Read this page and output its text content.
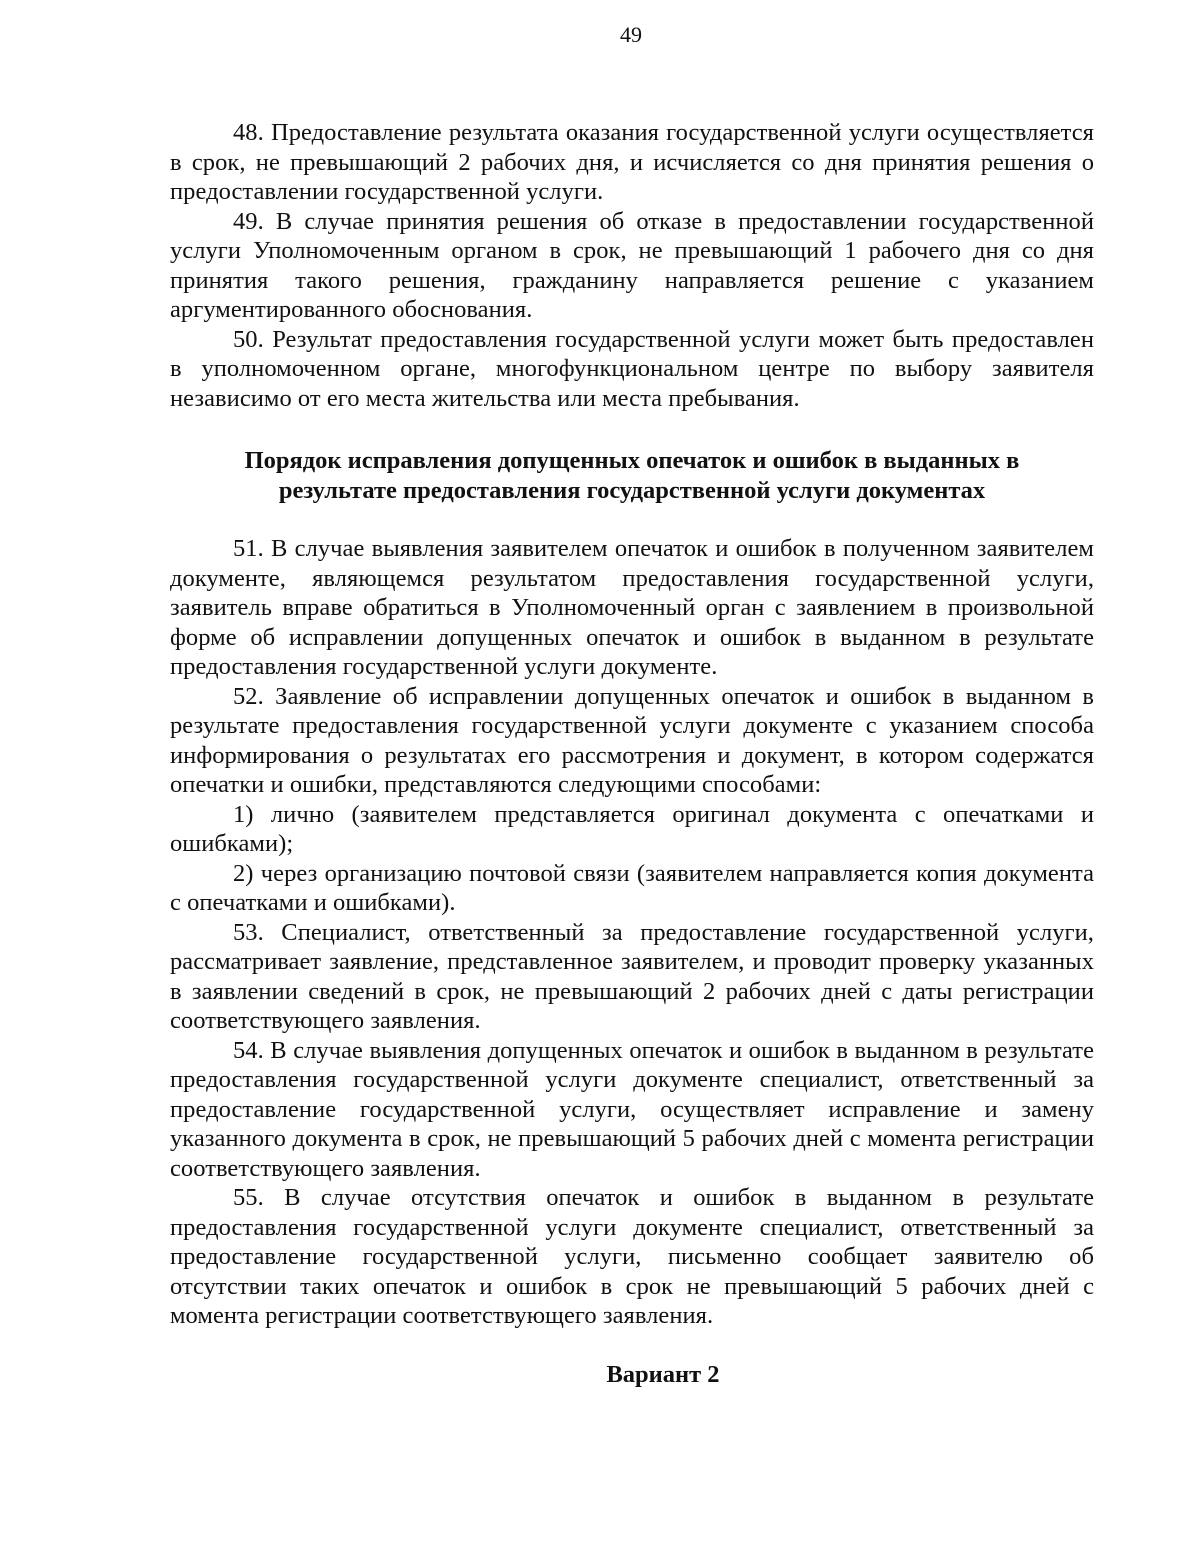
49

48. Предоставление результата оказания государственной услуги осуществляется в срок, не превышающий 2 рабочих дня, и исчисляется со дня принятия решения о предоставлении государственной услуги.

49. В случае принятия решения об отказе в предоставлении государственной услуги Уполномоченным органом в срок, не превышающий 1 рабочего дня со дня принятия такого решения, гражданину направляется решение с указанием аргументированного обоснования.

50. Результат предоставления государственной услуги может быть предоставлен в уполномоченном органе, многофункциональном центре по выбору заявителя независимо от его места жительства или места пребывания.

Порядок исправления допущенных опечаток и ошибок в выданных в
результате предоставления государственной услуги документах

51. В случае выявления заявителем опечаток и ошибок в полученном заявителем документе, являющемся результатом предоставления государственной услуги, заявитель вправе обратиться в Уполномоченный орган с заявлением в произвольной форме об исправлении допущенных опечаток и ошибок в выданном в результате предоставления государственной услуги документе.

52. Заявление об исправлении допущенных опечаток и ошибок в выданном в результате предоставления государственной услуги документе с указанием способа информирования о результатах его рассмотрения и документ, в котором содержатся опечатки и ошибки, представляются следующими способами:

1) лично (заявителем представляется оригинал документа с опечатками и ошибками);

2) через организацию почтовой связи (заявителем направляется копия документа с опечатками и ошибками).

53. Специалист, ответственный за предоставление государственной услуги, рассматривает заявление, представленное заявителем, и проводит проверку указанных в заявлении сведений в срок, не превышающий 2 рабочих дней с даты регистрации соответствующего заявления.

54. В случае выявления допущенных опечаток и ошибок в выданном в результате предоставления государственной услуги документе специалист, ответственный за предоставление государственной услуги, осуществляет исправление и замену указанного документа в срок, не превышающий 5 рабочих дней с момента регистрации соответствующего заявления.

55. В случае отсутствия опечаток и ошибок в выданном в результате предоставления государственной услуги документе специалист, ответственный за предоставление государственной услуги, письменно сообщает заявителю об отсутствии таких опечаток и ошибок в срок не превышающий 5 рабочих дней с момента регистрации соответствующего заявления.

Вариант 2
